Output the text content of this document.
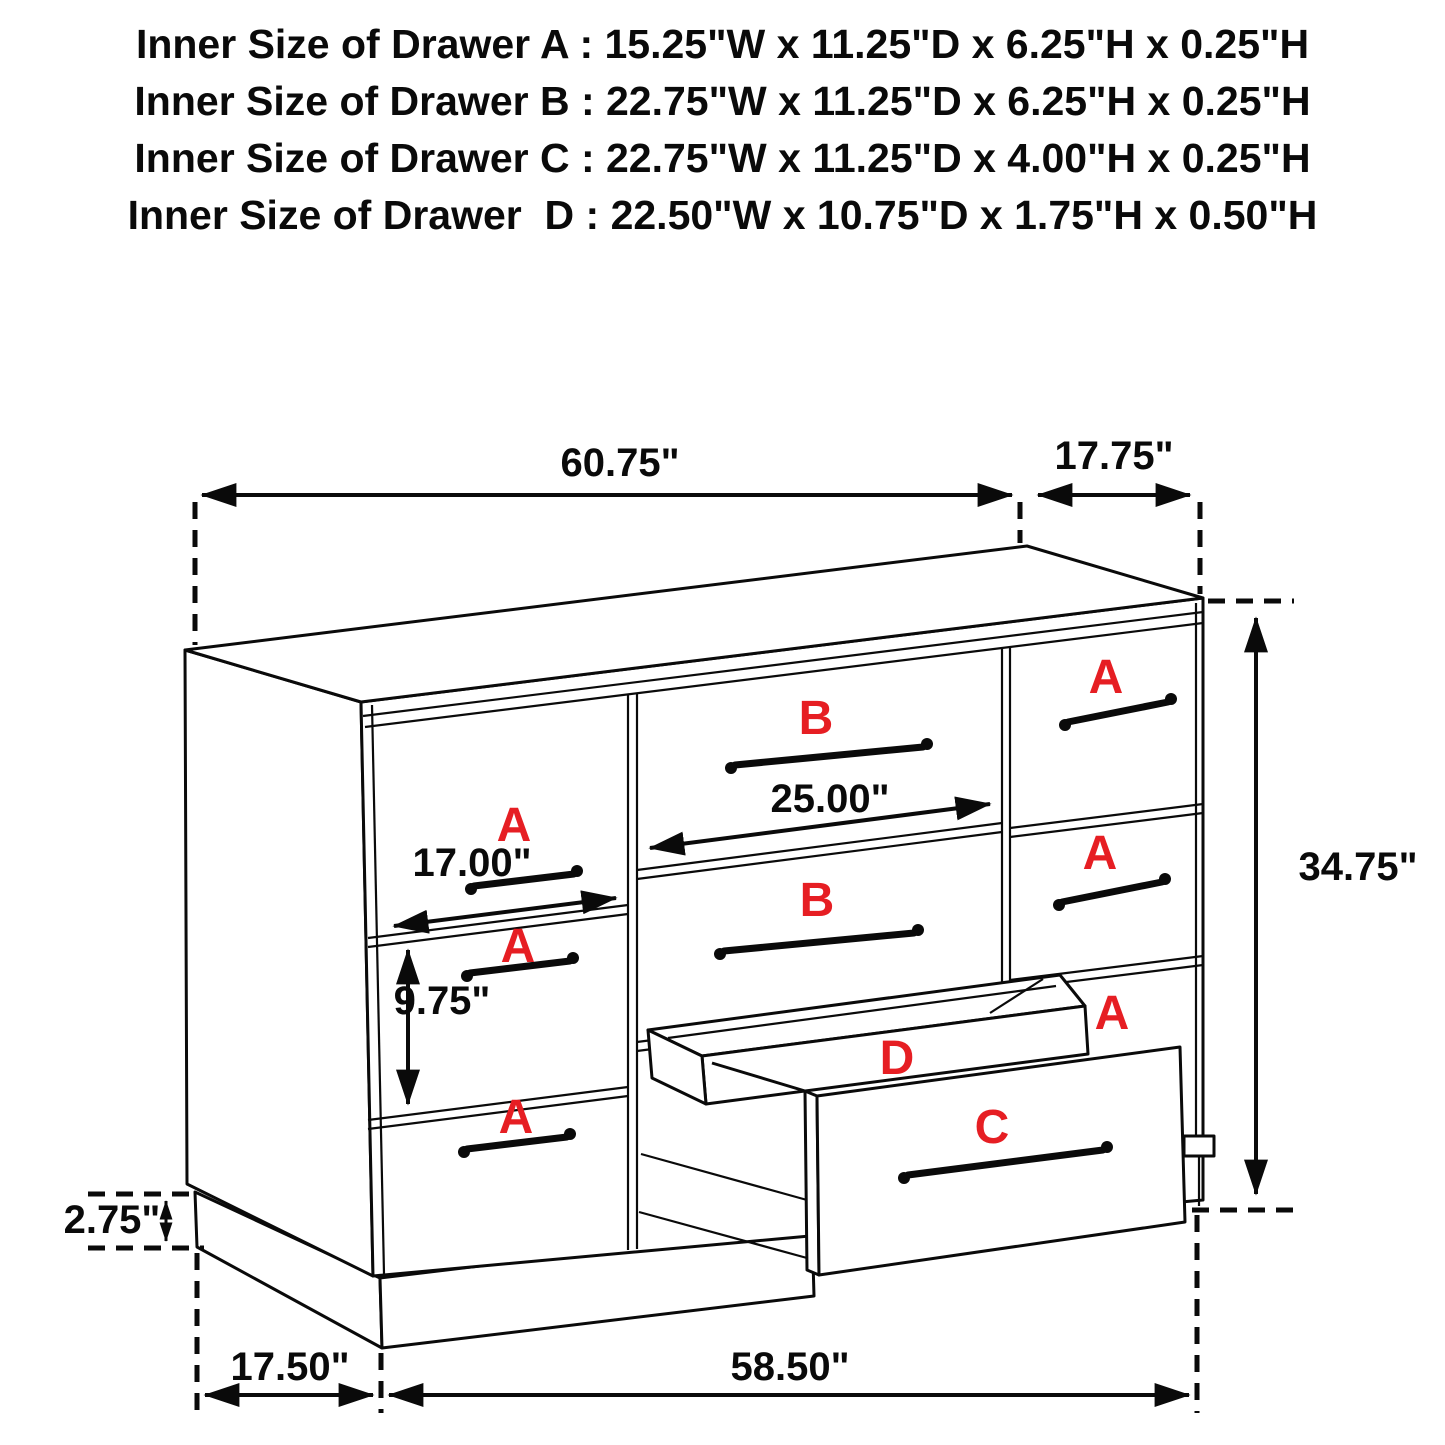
Inner Size of Drawer A : 15.25"W x 11.25"D x 6.25"H x 0.25"H

Inner Size of Drawer B : 22.75"W x 11.25"D x 6.25"H x 0.25"H

Inner Size of Drawer C : 22.75"W x 11.25"D x 4.00"H x 0.25"H

Inner Size of Drawer  D : 22.50"W x 10.75"D x 1.75"H x 0.50"H

A
B
A
A
B
A
A
A
D
C
60.75"	17.75"
34.75"
25.00"
17.00"
9.75"
2.75"
17.50"	58.50"
